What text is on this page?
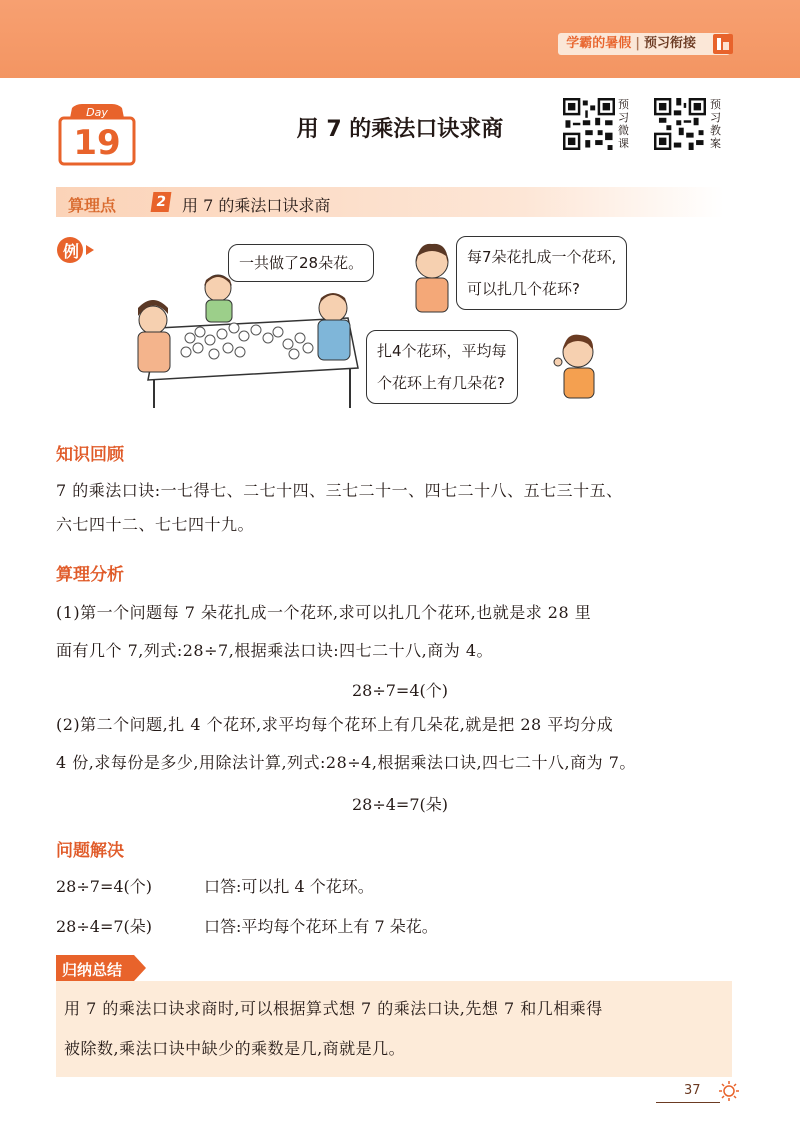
学霸的暑假 | 预习衔接
Day
19	用 7 的乘法口诀求商
预习微课
预习教案
算理点	2 用 7 的乘法口诀求商
例
一共做了28朵花。	每7朵花扎成一个花环,
可以扎几个花环?
扎4个花环，平均每
个花环上有几朵花?
知识回顾
7 的乘法口诀:一七得七、二七十四、三七二十一、四七二十八、五七三十五、
六七四十二、七七四十九。
算理分析
(1)第一个问题每 7 朵花扎成一个花环,求可以扎几个花环,也就是求 28 里
面有几个 7,列式:28÷7,根据乘法口诀:四七二十八,商为 4。
28÷7=4(个)
(2)第二个问题,扎 4 个花环,求平均每个花环上有几朵花,就是把 28 平均分成
4 份,求每份是多少,用除法计算,列式:28÷4,根据乘法口诀,四七二十八,商为 7。
28÷4=7(朵)
问题解决
28÷7=4(个)	口答:可以扎 4 个花环。
28÷4=7(朵)	口答:平均每个花环上有 7 朵花。
归纳总结
用 7 的乘法口诀求商时,可以根据算式想 7 的乘法口诀,先想 7 和几相乘得
被除数,乘法口诀中缺少的乘数是几,商就是几。
37
